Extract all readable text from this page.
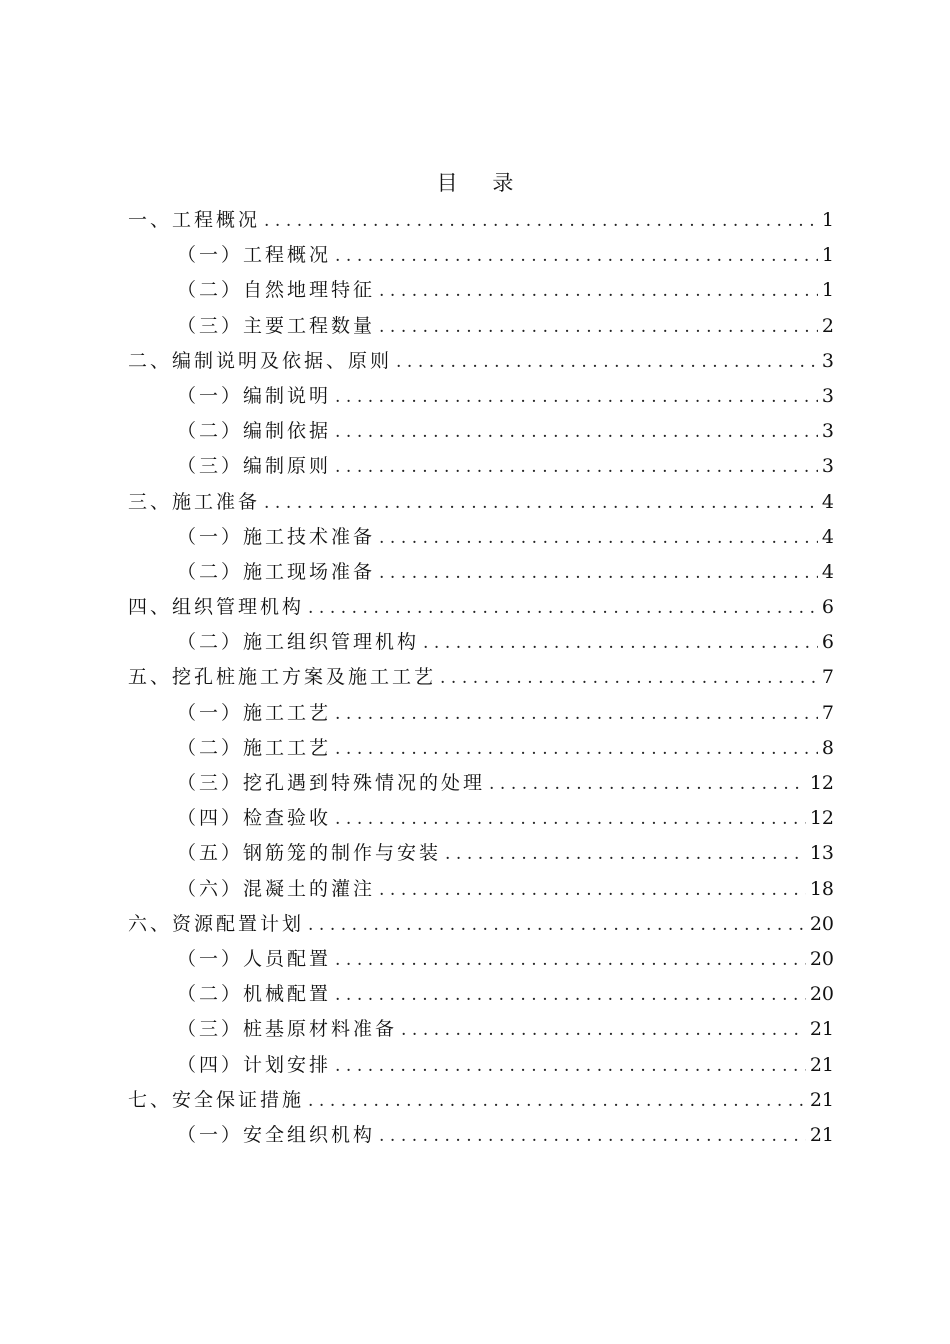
目 录
一、工程概况 .....	1
（一）工程概况 .....	1
（二）自然地理特征 .....	1
（三）主要工程数量 .....	2
二、编制说明及依据、原则 .....	3
（一）编制说明 .....	3
（二）编制依据 .....	3
（三）编制原则 .....	3
三、施工准备 .....	4
（一）施工技术准备 .....	4
（二）施工现场准备 .....	4
四、组织管理机构 .....	6
（二）施工组织管理机构 .....	6
五、挖孔桩施工方案及施工工艺 .....	7
（一）施工工艺 .....	7
（二）施工工艺 .....	8
（三）挖孔遇到特殊情况的处理 .....	12
（四）检查验收 .....	12
（五）钢筋笼的制作与安装 .....	13
（六）混凝土的灌注 .....	18
六、资源配置计划 .....	20
（一）人员配置 .....	20
（二）机械配置 .....	20
（三）桩基原材料准备 .....	21
（四）计划安排 .....	21
七、安全保证措施 .....	21
（一）安全组织机构 .....	21
